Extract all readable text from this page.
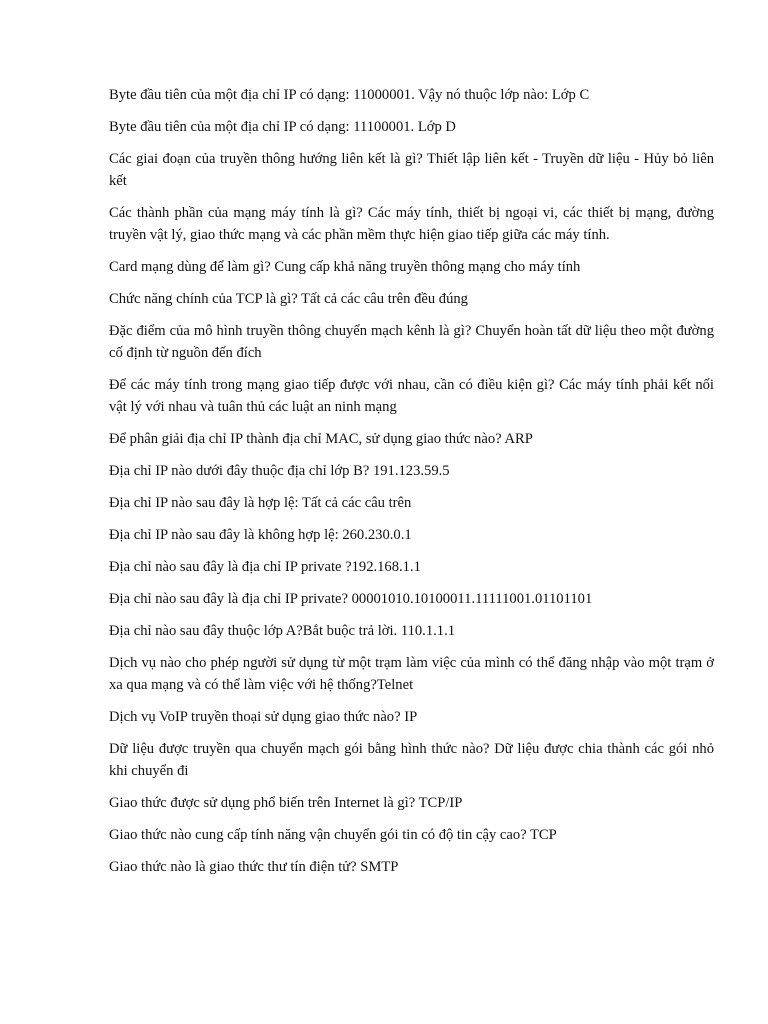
Byte đầu tiên của một địa chỉ IP có dạng: 11000001. Vậy nó thuộc lớp nào: Lớp C

Byte đầu tiên của một địa chỉ IP có dạng: 11100001. Lớp D

Các giai đoạn của truyền thông hướng liên kết là gì? Thiết lập liên kết - Truyền dữ liệu - Hủy bỏ liên kết

Các thành phần của mạng máy tính là gì? Các máy tính, thiết bị ngoại vi, các thiết bị mạng, đường truyền vật lý, giao thức mạng và các phần mềm thực hiện giao tiếp giữa các máy tính.

Card mạng dùng để làm gì? Cung cấp khả năng truyền thông mạng cho máy tính

Chức năng chính của TCP là gì? Tất cả các câu trên đều đúng

Đặc điểm của mô hình truyền thông chuyển mạch kênh là gì? Chuyển hoàn tất dữ liệu theo một đường cố định từ nguồn đến đích

Để các máy tính trong mạng giao tiếp được với nhau, cần có điều kiện gì? Các máy tính phải kết nối vật lý với nhau và tuân thủ các luật an ninh mạng

Để phân giải địa chỉ IP thành địa chỉ MAC, sử dụng giao thức nào? ARP

Địa chỉ IP nào dưới đây thuộc địa chỉ lớp B? 191.123.59.5

Địa chỉ IP nào sau đây là hợp lệ: Tất cả các câu trên

Địa chỉ IP nào sau đây là không hợp lệ: 260.230.0.1

Địa chỉ nào sau đây là địa chỉ IP private ?192.168.1.1

Địa chỉ nào sau đây là địa chỉ IP private? 00001010.10100011.11111001.01101101

Địa chỉ nào sau đây thuộc lớp A?Bắt buộc trả lời. 110.1.1.1

Dịch vụ nào cho phép người sử dụng từ một trạm làm việc của mình có thể đăng nhập vào một trạm ở xa qua mạng và có thể làm việc với hệ thống?Telnet

Dịch vụ VoIP truyền thoại sử dụng giao thức nào? IP

Dữ liệu được truyền qua chuyển mạch gói bằng hình thức nào? Dữ liệu được chia thành các gói nhỏ khi chuyển đi

Giao thức được sử dụng phổ biến trên Internet là gì? TCP/IP

Giao thức nào cung cấp tính năng vận chuyển gói tin có độ tin cậy cao? TCP

Giao thức nào là giao thức thư tín điện tử? SMTP
